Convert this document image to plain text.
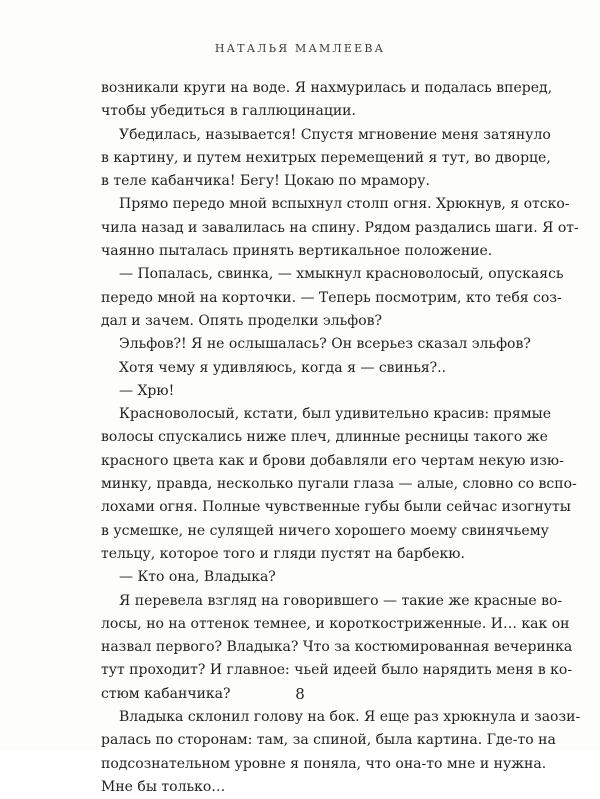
НАТАЛЬЯ МАМЛЕЕВА
возникали круги на воде. Я нахмурилась и подалась вперед,
чтобы убедиться в галлюцинации.
Убедилась, называется! Спустя мгновение меня затянуло
в картину, и путем нехитрых перемещений я тут, во дворце,
в теле кабанчика! Бегу! Цокаю по мрамору.
Прямо передо мной вспыхнул столп огня. Хрюкнув, я отско-
чила назад и завалилась на спину. Рядом раздались шаги. Я от-
чаянно пыталась принять вертикальное положение.
— Попалась, свинка, — хмыкнул красноволосый, опускаясь
передо мной на корточки. — Теперь посмотрим, кто тебя соз-
дал и зачем. Опять проделки эльфов?
Эльфов?! Я не ослышалась? Он всерьез сказал эльфов?
Хотя чему я удивляюсь, когда я — свинья?..
— Хрю!
Красноволосый, кстати, был удивительно красив: прямые
волосы спускались ниже плеч, длинные ресницы такого же
красного цвета как и брови добавляли его чертам некую изю-
минку, правда, несколько пугали глаза — алые, словно со вспо-
лохами огня. Полные чувственные губы были сейчас изогнуты
в усмешке, не сулящей ничего хорошего моему свинячьему
тельцу, которое того и гляди пустят на барбекю.
— Кто она, Владыка?
Я перевела взгляд на говорившего — такие же красные во-
лосы, но на оттенок темнее, и короткостриженные. И… как он
назвал первого? Владыка? Что за костюмированная вечеринка
тут проходит? И главное: чьей идеей было нарядить меня в ко-
стюм кабанчика?
Владыка склонил голову на бок. Я еще раз хрюкнула и заози-
ралась по сторонам: там, за спиной, была картина. Где-то на
подсознательном уровне я поняла, что она-то мне и нужна.
Мне бы только…
8
